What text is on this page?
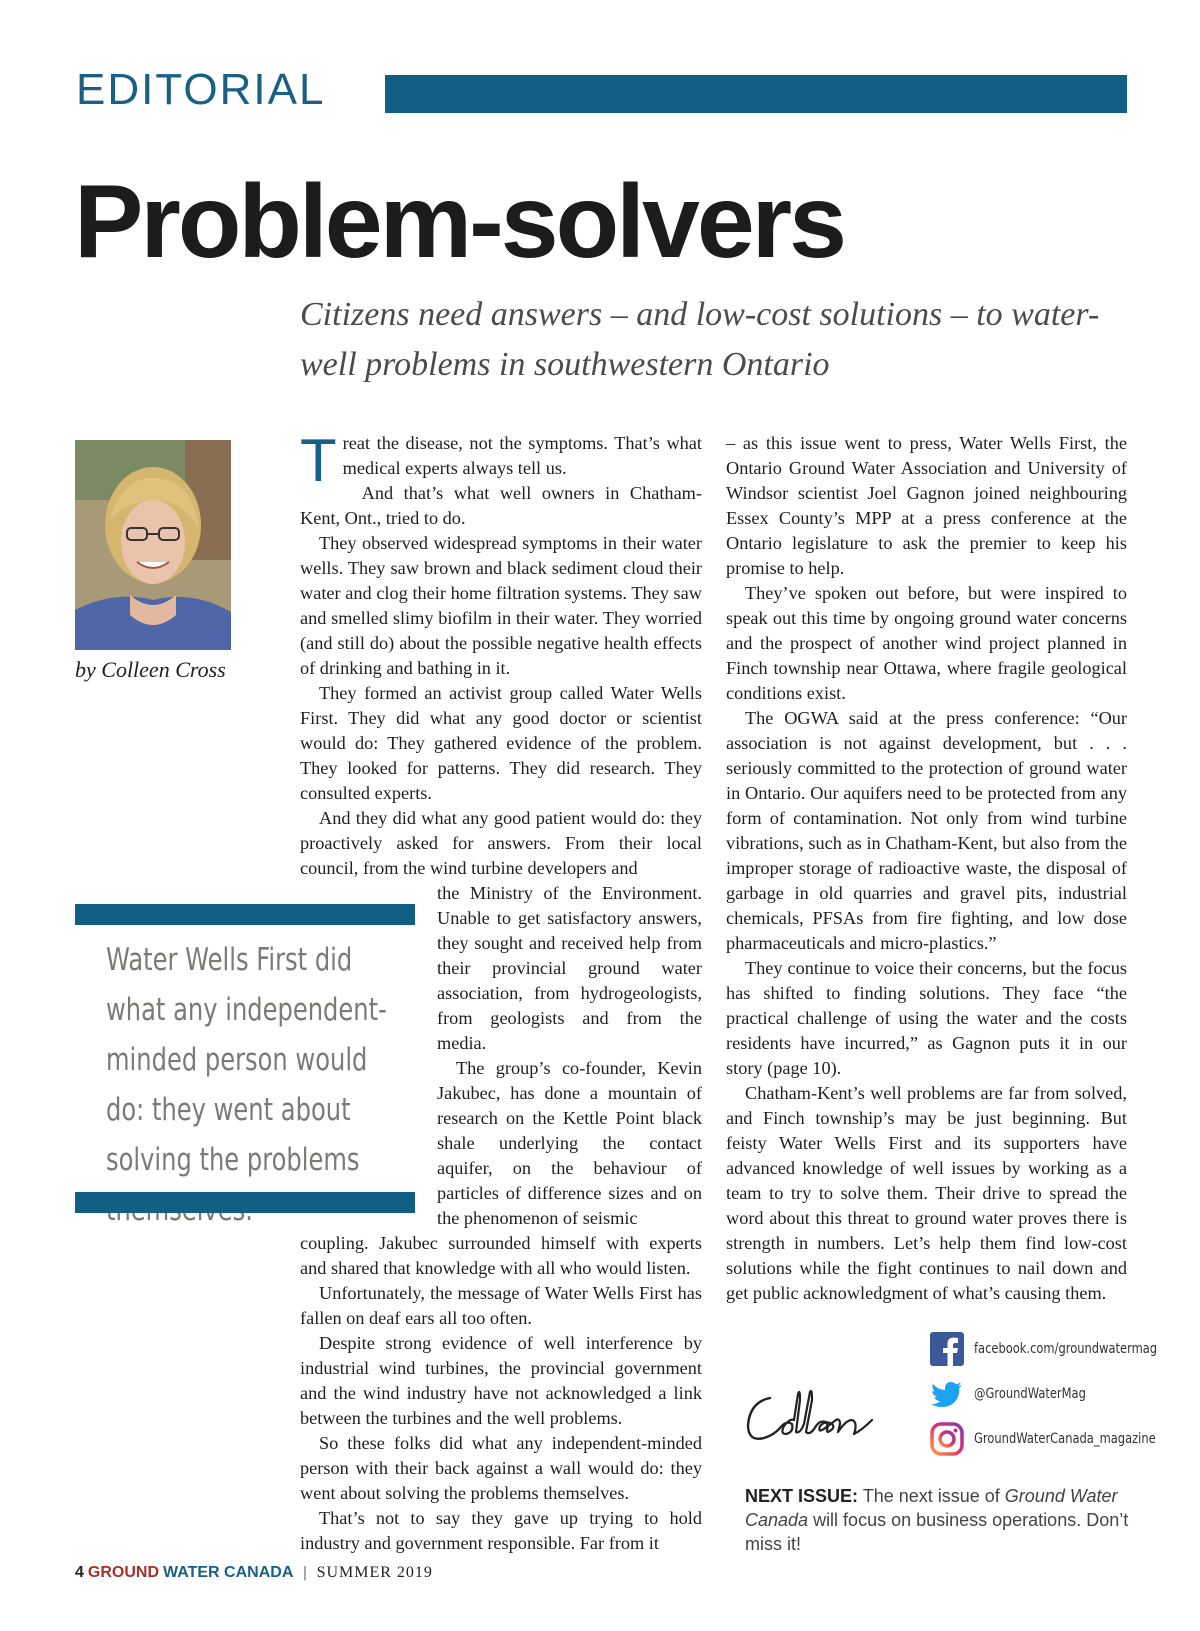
EDITORIAL
Problem-solvers
Citizens need answers – and low-cost solutions – to water-well problems in southwestern Ontario
by Colleen Cross

Treat the disease, not the symptoms. That’s what medical experts always tell us.

And that’s what well owners in Chatham-Kent, Ont., tried to do.

They observed widespread symptoms in their water wells. They saw brown and black sediment cloud their water and clog their home filtration systems. They saw and smelled slimy biofilm in their water. They worried (and still do) about the possible negative health effects of drinking and bathing in it.

They formed an activist group called Water Wells First. They did what any good doctor or scientist would do: They gathered evidence of the problem. They looked for patterns. They did research. They consulted experts.

And they did what any good patient would do: they proactively asked for answers. From their local council, from the wind turbine developers and

Water Wells First did what any independent-minded person would do: they went about solving the problems

the Ministry of the Environment. Unable to get satisfactory answers, they sought and received help from their provincial ground water association, from hydrogeologists, from geologists and from the media.

The group’s co-founder, Kevin Jakubec, has done a mountain of research on the Kettle Point black shale underlying the contact aquifer, on the behaviour of particles of difference sizes and on the phenomenon of seismic

coupling. Jakubec surrounded himself with experts and shared that knowledge with all who would listen.

Unfortunately, the message of Water Wells First has fallen on deaf ears all too often.

Despite strong evidence of well interference by industrial wind turbines, the provincial government and the wind industry have not acknowledged a link between the turbines and the well problems.

So these folks did what any independent-minded person with their back against a wall would do: they went about solving the problems themselves.

That’s not to say they gave up trying to hold industry and government responsible. Far from it

– as this issue went to press, Water Wells First, the Ontario Ground Water Association and University of Windsor scientist Joel Gagnon joined neighbouring Essex County’s MPP at a press conference at the Ontario legislature to ask the premier to keep his promise to help.

They’ve spoken out before, but were inspired to speak out this time by ongoing ground water concerns and the prospect of another wind project planned in Finch township near Ottawa, where fragile geological conditions exist.

The OGWA said at the press conference: “Our association is not against development, but . . . seriously committed to the protection of ground water in Ontario. Our aquifers need to be protected from any form of contamination. Not only from wind turbine vibrations, such as in Chatham-Kent, but also from the improper storage of radioactive waste, the disposal of garbage in old quarries and gravel pits, industrial chemicals, PFSAs from fire fighting, and low dose pharmaceuticals and micro-plastics.”

They continue to voice their concerns, but the focus has shifted to finding solutions. They face “the practical challenge of using the water and the costs residents have incurred,” as Gagnon puts it in our story (page 10).

Chatham-Kent’s well problems are far from solved, and Finch township’s may be just beginning. But feisty Water Wells First and its supporters have advanced knowledge of well issues by working as a team to try to solve them. Their drive to spread the word about this threat to ground water proves there is strength in numbers. Let’s help them find low-cost solutions while the fight continues to nail down and get public acknowledgment of what’s causing them.

facebook.com/groundwatermag
@GroundWaterMag
GroundWaterCanada_magazine
NEXT ISSUE: The next issue of Ground Water Canada will focus on business operations. Don’t miss it!
4 GROUND WATER CANADA | SUMMER 2019
